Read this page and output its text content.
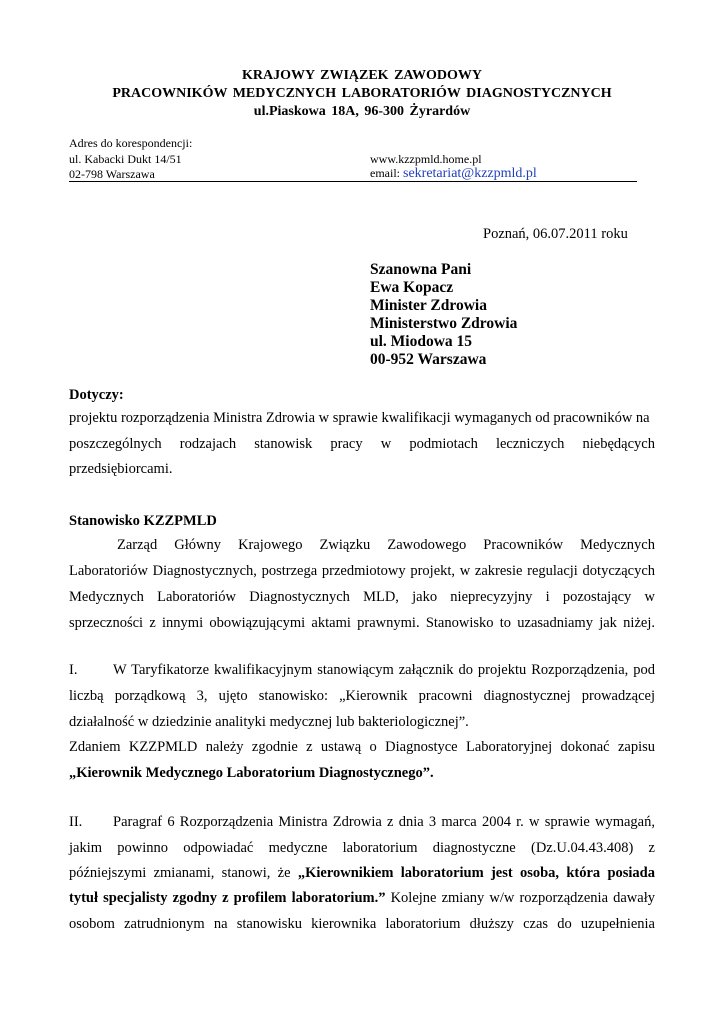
KRAJOWY ZWIĄZEK ZAWODOWY
PRACOWNIKÓW MEDYCZNYCH LABORATORIÓW DIAGNOSTYCZNYCH
ul.Piaskowa 18A, 96-300 Żyrardów
Adres do korespondencji:
ul. Kabacki Dukt 14/51
02-798 Warszawa
www.kzzpmld.home.pl
email: sekretariat@kzzpmld.pl
Poznań, 06.07.2011 roku
Szanowna Pani
Ewa Kopacz
Minister Zdrowia
Ministerstwo Zdrowia
ul. Miodowa 15
00-952 Warszawa
Dotyczy:
projektu rozporządzenia Ministra Zdrowia w sprawie kwalifikacji wymaganych od pracowników na
poszczególnych rodzajach stanowisk pracy w podmiotach leczniczych niebędących
przedsiębiorcami.
Stanowisko KZZPMLD
Zarząd Główny Krajowego Związku Zawodowego Pracowników Medycznych
Laboratoriów Diagnostycznych, postrzega przedmiotowy projekt, w zakresie regulacji dotyczących
Medycznych Laboratoriów Diagnostycznych MLD, jako nieprecyzyjny i pozostający w
sprzeczności z innymi obowiązującymi aktami prawnymi. Stanowisko to uzasadniamy jak niżej.
I. W Taryfikatorze kwalifikacyjnym stanowiącym załącznik do projektu Rozporządzenia, pod
liczbą porządkową 3, ujęto stanowisko: „Kierownik pracowni diagnostycznej prowadzącej
działalność w dziedzinie analityki medycznej lub bakteriologicznej”.
Zdaniem KZZPMLD należy zgodnie z ustawą o Diagnostyce Laboratoryjnej dokonać zapisu
„Kierownik Medycznego Laboratorium Diagnostycznego”.
II. Paragraf 6 Rozporządzenia Ministra Zdrowia z dnia 3 marca 2004 r. w sprawie wymagań,
jakim powinno odpowiadać medyczne laboratorium diagnostyczne (Dz.U.04.43.408) z
późniejszymi zmianami, stanowi, że „Kierownikiem laboratorium jest osoba, która posiada
tytuł specjalisty zgodny z profilem laboratorium.” Kolejne zmiany w/w rozporządzenia dawały
osobom zatrudnionym na stanowisku kierownika laboratorium dłuższy czas do uzupełnienia
